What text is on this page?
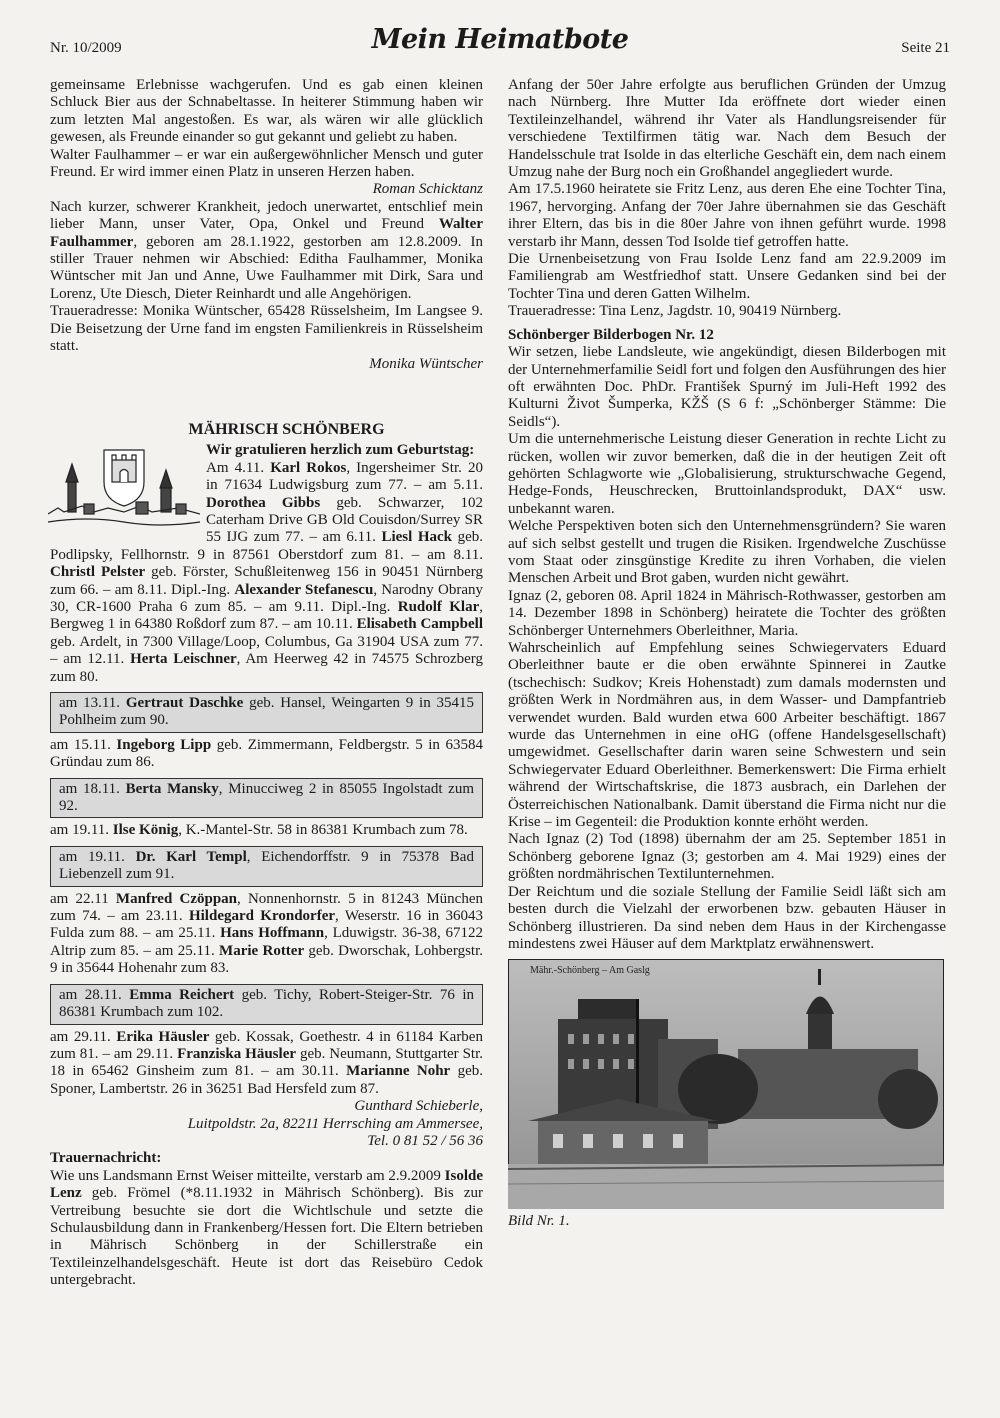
Nr. 10/2009	Mein Heimatbote	Seite 21

gemeinsame Erlebnisse wachgerufen. Und es gab einen kleinen Schluck Bier aus der Schnabeltasse. In heiterer Stimmung haben wir zum letzten Mal angestoßen. Es war, als wären wir alle glücklich gewesen, als Freunde einander so gut gekannt und geliebt zu haben.

Walter Faulhammer – er war ein außergewöhnlicher Mensch und guter Freund. Er wird immer einen Platz in unseren Herzen haben.

Roman Schicktanz

Nach kurzer, schwerer Krankheit, jedoch unerwartet, entschlief mein lieber Mann, unser Vater, Opa, Onkel und Freund Walter Faulhammer, geboren am 28.1.1922, gestorben am 12.8.2009. In stiller Trauer nehmen wir Abschied: Editha Faulhammer, Monika Wüntscher mit Jan und Anne, Uwe Faulhammer mit Dirk, Sara und Lorenz, Ute Diesch, Dieter Reinhardt und alle Angehörigen.

Traueradresse: Monika Wüntscher, 65428 Rüsselsheim, Im Langsee 9. Die Beisetzung der Urne fand im engsten Familienkreis in Rüsselsheim statt.

Monika Wüntscher

MÄHRISCH SCHÖNBERG

Wir gratulieren herzlich zum Geburtstag:

Am 4.11. Karl Rokos, Ingersheimer Str. 20 in 71634 Ludwigsburg zum 77. – am 5.11. Dorothea Gibbs geb. Schwarzer, 102 Caterham Drive GB Old Couisdon/Surrey SR 55 IJG zum 77. – am 6.11. Liesl Hack geb. Podlipsky, Fellhornstr. 9 in 87561 Oberstdorf zum 81. – am 8.11. Christl Pelster geb. Förster, Schußleitenweg 156 in 90451 Nürnberg zum 66. – am 8.11. Dipl.-Ing. Alexander Stefanescu, Narodny Obrany 30, CR-1600 Praha 6 zum 85. – am 9.11. Dipl.-Ing. Rudolf Klar, Bergweg 1 in 64380 Roßdorf zum 87. – am 10.11. Elisabeth Campbell geb. Ardelt, in 7300 Village/Loop, Columbus, Ga 31904 USA zum 77. – am 12.11. Herta Leischner, Am Heerweg 42 in 74575 Schrozberg zum 80.

am 13.11. Gertraut Daschke geb. Hansel, Weingarten 9 in 35415 Pohlheim zum 90.

am 15.11. Ingeborg Lipp geb. Zimmermann, Feldbergstr. 5 in 63584 Gründau zum 86.

am 18.11. Berta Mansky, Minucciweg 2 in 85055 Ingolstadt zum 92.

am 19.11. Ilse König, K.-Mantel-Str. 58 in 86381 Krumbach zum 78.

am 19.11. Dr. Karl Templ, Eichendorffstr. 9 in 75378 Bad Liebenzell zum 91.

am 22.11 Manfred Czöppan, Nonnenhornstr. 5 in 81243 München zum 74. – am 23.11. Hildegard Krondorfer, Weserstr. 16 in 36043 Fulda zum 88. – am 25.11. Hans Hoffmann, Lduwigstr. 36-38, 67122 Altrip zum 85. – am 25.11. Marie Rotter geb. Dworschak, Lohbergstr. 9 in 35644 Hohenahr zum 83.

am 28.11. Emma Reichert geb. Tichy, Robert-Steiger-Str. 76 in 86381 Krumbach zum 102.

am 29.11. Erika Häusler geb. Kossak, Goethestr. 4 in 61184 Karben zum 81. – am 29.11. Franziska Häusler geb. Neumann, Stuttgarter Str. 18 in 65462 Ginsheim zum 81. – am 30.11. Marianne Nohr geb. Sponer, Lambertstr. 26 in 36251 Bad Hersfeld zum 87.

Gunthard Schieberle,

Luitpoldstr. 2a, 82211 Herrsching am Ammersee,

Tel. 0 81 52 / 56 36

Trauernachricht:

Wie uns Landsmann Ernst Weiser mitteilte, verstarb am 2.9.2009 Isolde Lenz geb. Frömel (*8.11.1932 in Mährisch Schönberg). Bis zur Vertreibung besuchte sie dort die Wichtlschule und setzte die Schulausbildung dann in Frankenberg/Hessen fort. Die Eltern betrieben in Mährisch Schönberg in der Schillerstraße ein Textileinzelhandelsgeschäft. Heute ist dort das Reisebüro Cedok untergebracht.

Anfang der 50er Jahre erfolgte aus beruflichen Gründen der Umzug nach Nürnberg. Ihre Mutter Ida eröffnete dort wieder einen Textileinzelhandel, während ihr Vater als Handlungsreisender für verschiedene Textilfirmen tätig war. Nach dem Besuch der Handelsschule trat Isolde in das elterliche Geschäft ein, dem nach einem Umzug nahe der Burg noch ein Großhandel angegliedert wurde.

Am 17.5.1960 heiratete sie Fritz Lenz, aus deren Ehe eine Tochter Tina, 1967, hervorging. Anfang der 70er Jahre übernahmen sie das Geschäft ihrer Eltern, das bis in die 80er Jahre von ihnen geführt wurde. 1998 verstarb ihr Mann, dessen Tod Isolde tief getroffen hatte.

Die Urnenbeisetzung von Frau Isolde Lenz fand am 22.9.2009 im Familiengrab am Westfriedhof statt. Unsere Gedanken sind bei der Tochter Tina und deren Gatten Wilhelm.

Traueradresse: Tina Lenz, Jagdstr. 10, 90419 Nürnberg.

Schönberger Bilderbogen Nr. 12

Wir setzen, liebe Landsleute, wie angekündigt, diesen Bilderbogen mit der Unternehmerfamilie Seidl fort und folgen den Ausführungen des hier oft erwähnten Doc. PhDr. František Spurný im Juli-Heft 1992 des Kulturni Život Šumperka, KŽŠ (S 6 f: „Schönberger Stämme: Die Seidls“).

Um die unternehmerische Leistung dieser Generation in rechte Licht zu rücken, wollen wir zuvor bemerken, daß die in der heutigen Zeit oft gehörten Schlagworte wie „Globalisierung, strukturschwache Gegend, Hedge-Fonds, Heuschrecken, Bruttoinlandsprodukt, DAX“ usw. unbekannt waren.

Welche Perspektiven boten sich den Unternehmensgründern? Sie waren auf sich selbst gestellt und trugen die Risiken. Irgendwelche Zuschüsse vom Staat oder zinsgünstige Kredite zu ihren Vorhaben, die vielen Menschen Arbeit und Brot gaben, wurden nicht gewährt.

Ignaz (2, geboren 08. April 1824 in Mährisch-Rothwasser, gestorben am 14. Dezember 1898 in Schönberg) heiratete die Tochter des größten Schönberger Unternehmers Oberleithner, Maria.

Wahrscheinlich auf Empfehlung seines Schwiegervaters Eduard Oberleithner baute er die oben erwähnte Spinnerei in Zautke (tschechisch: Sudkov; Kreis Hohenstadt) zum damals modernsten und größten Werk in Nordmähren aus, in dem Wasser- und Dampfantrieb verwendet wurden. Bald wurden etwa 600 Arbeiter beschäftigt. 1867 wurde das Unternehmen in eine oHG (offene Handelsgesellschaft) umgewidmet. Gesellschafter darin waren seine Schwestern und sein Schwiegervater Eduard Oberleithner. Bemerkenswert: Die Firma erhielt während der Wirtschaftskrise, die 1873 ausbrach, ein Darlehen der Österreichischen Nationalbank. Damit überstand die Firma nicht nur die Krise – im Gegenteil: die Produktion konnte erhöht werden.

Nach Ignaz (2) Tod (1898) übernahm der am 25. September 1851 in Schönberg geborene Ignaz (3; gestorben am 4. Mai 1929) eines der größten nordmährischen Textilunternehmen.

Der Reichtum und die soziale Stellung der Familie Seidl läßt sich am besten durch die Vielzahl der erworbenen bzw. gebauten Häuser in Schönberg illustrieren. Da sind neben dem Haus in der Kirchengasse mindestens zwei Häuser auf dem Marktplatz erwähnenswert.

Mähr.-Schönberg – Am Gaslg

Bild Nr. 1.
